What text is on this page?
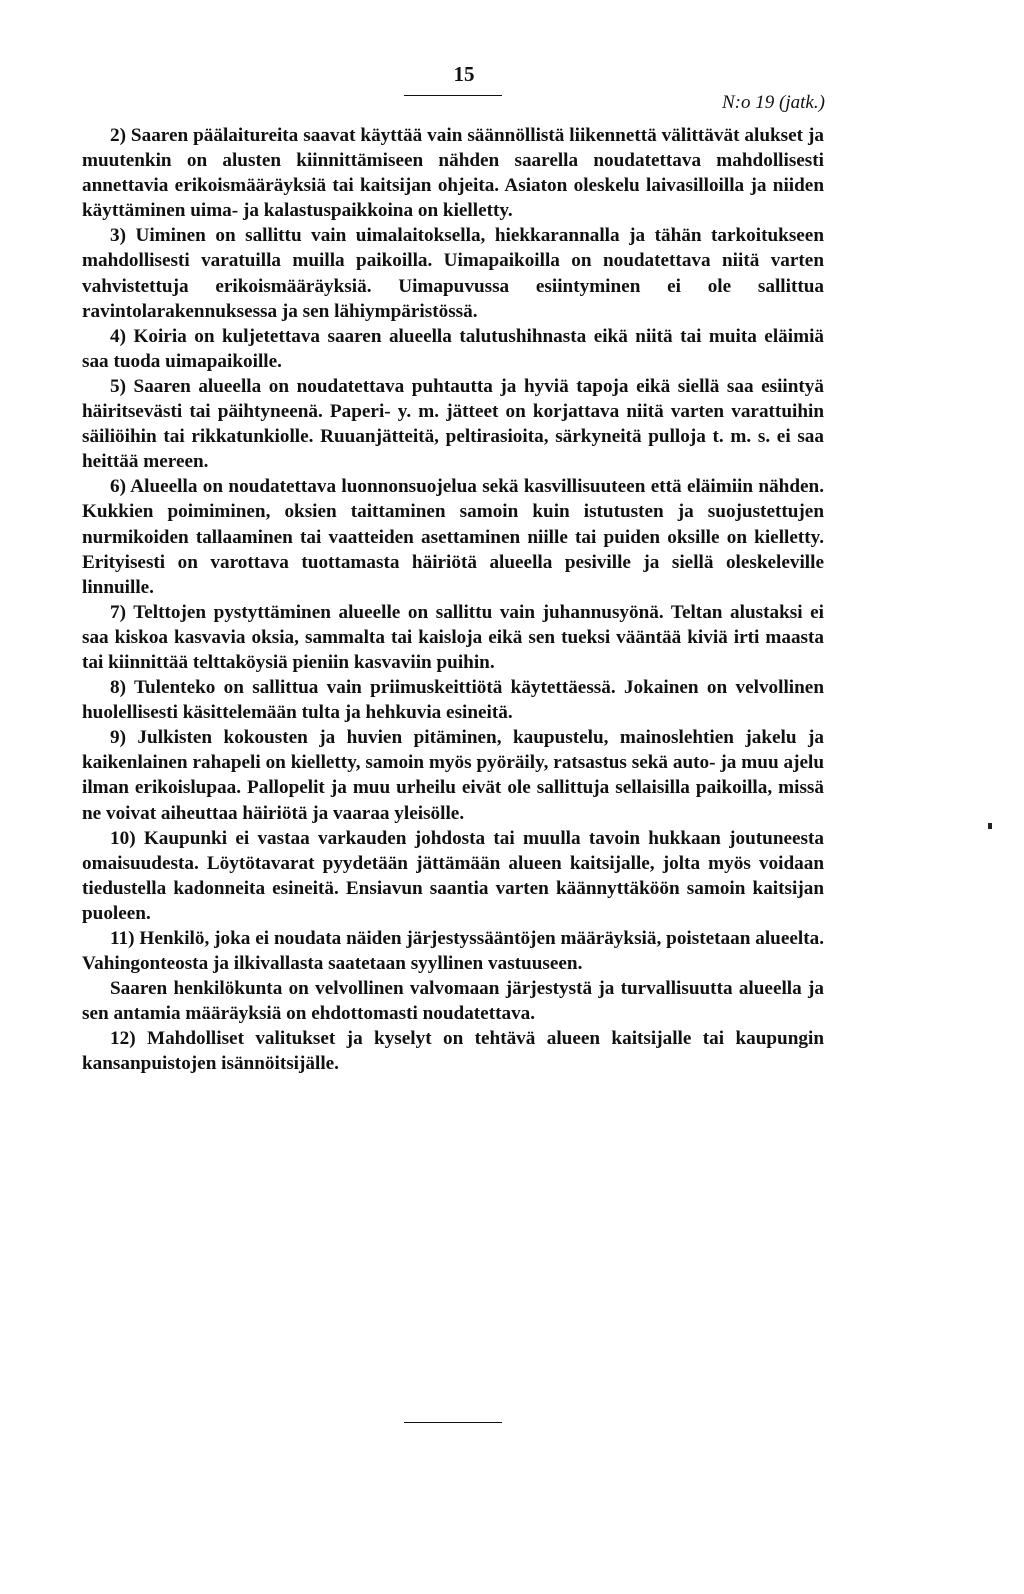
15
N:o 19 (jatk.)

2) Saaren päälaitureita saavat käyttää vain säännöllistä liikennettä välittävät alukset ja muutenkin on alusten kiinnittämiseen nähden saarella noudatettava mahdollisesti annettavia erikoismääräyksiä tai kaitsijan ohjeita. Asiaton oleskelu laivasilloilla ja niiden käyttäminen uima- ja kalastuspaikkoina on kielletty.

3) Uiminen on sallittu vain uimalaitoksella, hiekkarannalla ja tähän tarkoitukseen mahdollisesti varatuilla muilla paikoilla. Uimapaikoilla on noudatettava niitä varten vahvistettuja erikoismääräyksiä. Uimapuvussa esiintyminen ei ole sallittua ravintolarakennuksessa ja sen lähiympäristössä.

4) Koiria on kuljetettava saaren alueella talutushihnasta eikä niitä tai muita eläimiä saa tuoda uimapaikoille.

5) Saaren alueella on noudatettava puhtautta ja hyviä tapoja eikä siellä saa esiintyä häiritsevästi tai päihtyneenä. Paperi- y. m. jätteet on korjattava niitä varten varattuihin säiliöihin tai rikkatunkiolle. Ruuanjätteitä, peltirasioita, särkyneitä pulloja t. m. s. ei saa heittää mereen.

6) Alueella on noudatettava luonnonsuojelua sekä kasvillisuuteen että eläimiin nähden. Kukkien poimiminen, oksien taittaminen samoin kuin istutusten ja suojustettujen nurmikoiden tallaaminen tai vaatteiden asettaminen niille tai puiden oksille on kielletty. Erityisesti on varottava tuottamasta häiriötä alueella pesiville ja siellä oleskeleville linnuille.

7) Telttojen pystyttäminen alueelle on sallittu vain juhannusyönä. Teltan alustaksi ei saa kiskoa kasvavia oksia, sammalta tai kaisloja eikä sen tueksi vääntää kiviä irti maasta tai kiinnittää telttaköysiä pieniin kasvaviin puihin.

8) Tulenteko on sallittua vain priimuskeittiötä käytettäessä. Jokainen on velvollinen huolellisesti käsittelemään tulta ja hehkuvia esineitä.

9) Julkisten kokousten ja huvien pitäminen, kaupustelu, mainoslehtien jakelu ja kaikenlainen rahapeli on kielletty, samoin myös pyöräily, ratsastus sekä auto- ja muu ajelu ilman erikoislupaa. Pallopelit ja muu urheilu eivät ole sallittuja sellaisilla paikoilla, missä ne voivat aiheuttaa häiriötä ja vaaraa yleisölle.

10) Kaupunki ei vastaa varkauden johdosta tai muulla tavoin hukkaan joutuneesta omaisuudesta. Löytötavarat pyydetään jättämään alueen kaitsijalle, jolta myös voidaan tiedustella kadonneita esineitä. Ensiavun saantia varten käännyttäköön samoin kaitsijan puoleen.

11) Henkilö, joka ei noudata näiden järjestyssääntöjen määräyksiä, poistetaan alueelta. Vahingonteosta ja ilkivallasta saatetaan syyllinen vastuuseen.

Saaren henkilökunta on velvollinen valvomaan järjestystä ja turvallisuutta alueella ja sen antamia määräyksiä on ehdottomasti noudatettava.

12) Mahdolliset valitukset ja kyselyt on tehtävä alueen kaitsijalle tai kaupungin kansanpuistojen isännöitsijälle.
